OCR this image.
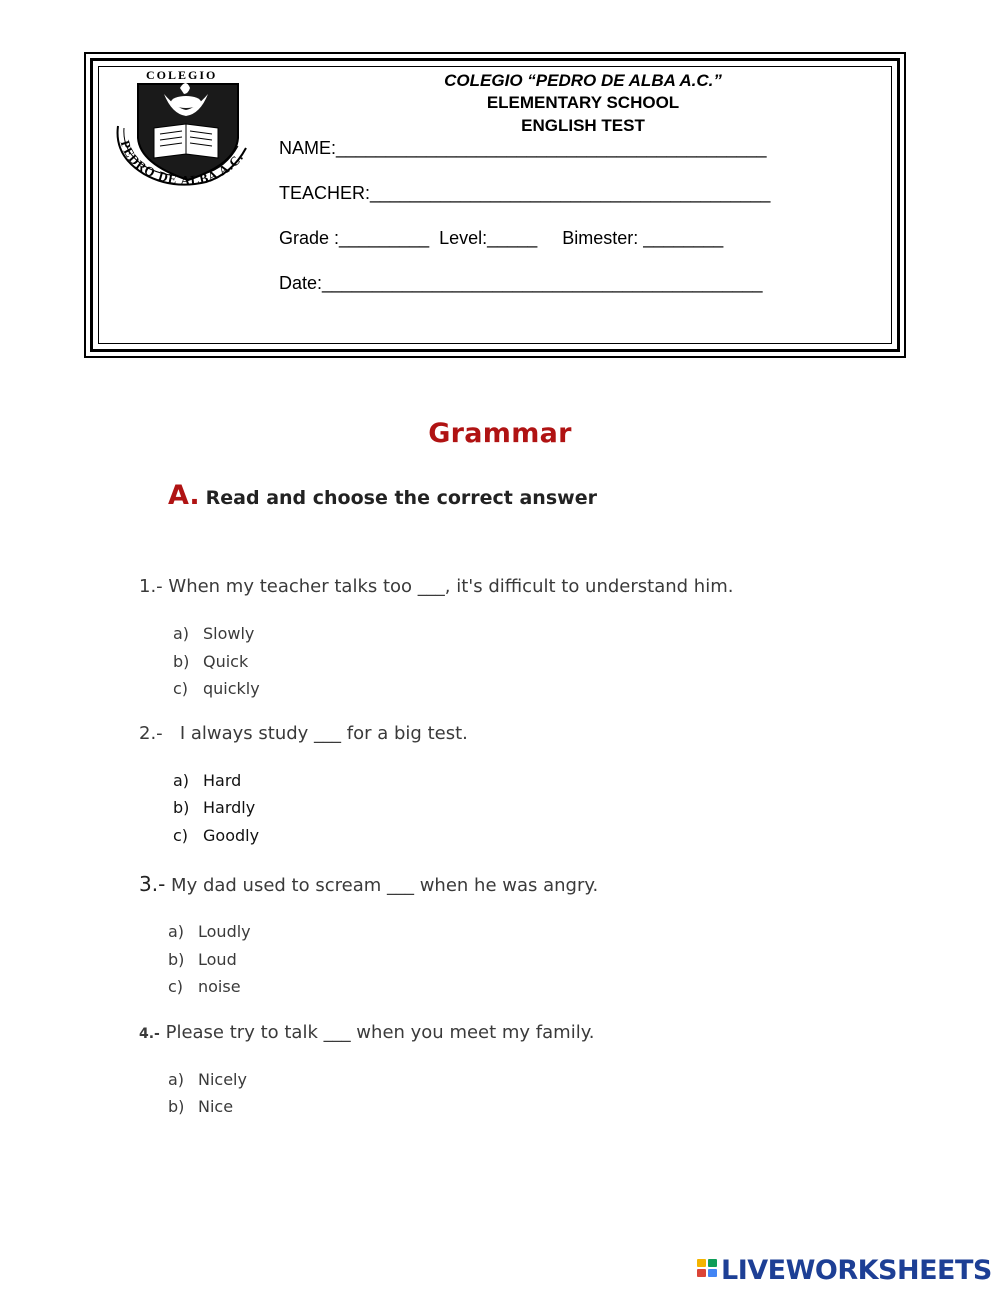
PEDRO DE ALBA A.C.
COLEGIO	COLEGIO “PEDRO DE ALBA A.C.”
ELEMENTARY SCHOOL
ENGLISH TEST
NAME:___________________________________________
TEACHER:________________________________________
Grade :_________  Level:_____     Bimester: ________
Date:____________________________________________
Grammar
A. Read and choose the correct answer
1.- When my teacher talks too ___, it's difficult to understand him.
a) Slowly
b) Quick
c) quickly
2.-   I always study ___ for a big test.
a) Hard
b) Hardly
c) Goodly
3.- My dad used to scream ___ when he was angry.
a) Loudly
b) Loud
c) noise
4.- Please try to talk ___ when you meet my family.
a) Nicely
b) Nice
LIVEWORKSHEETS
